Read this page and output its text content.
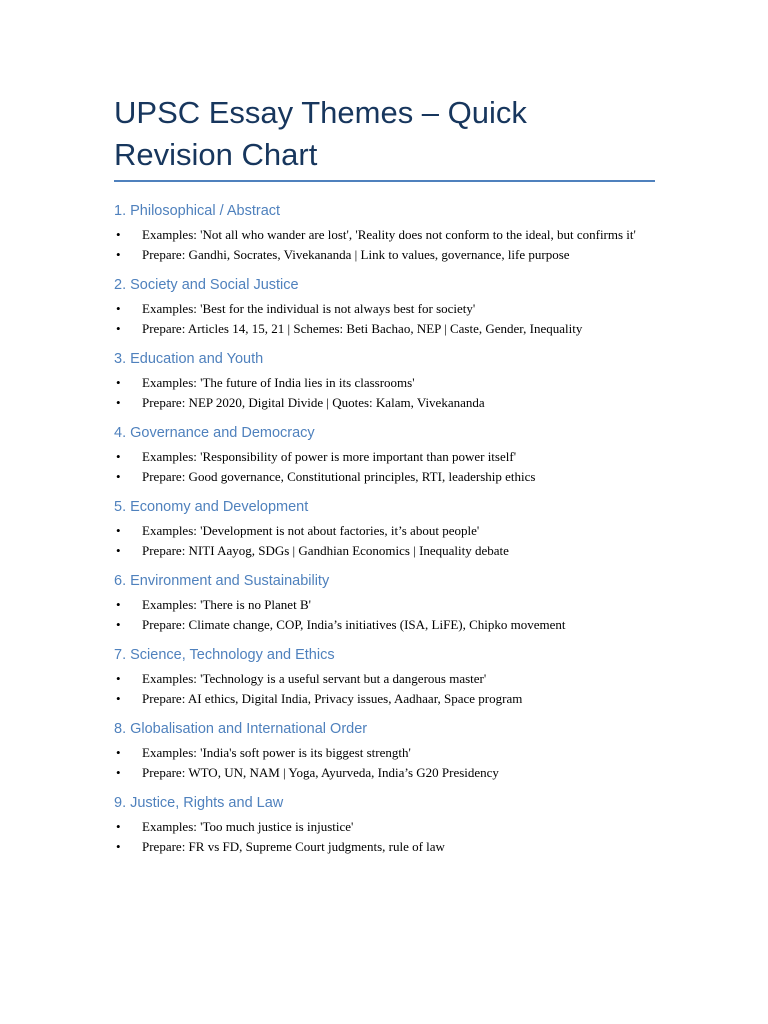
UPSC Essay Themes – Quick Revision Chart
1. Philosophical / Abstract
• Examples: 'Not all who wander are lost', 'Reality does not conform to the ideal, but confirms it'
• Prepare: Gandhi, Socrates, Vivekananda | Link to values, governance, life purpose
2. Society and Social Justice
• Examples: 'Best for the individual is not always best for society'
• Prepare: Articles 14, 15, 21 | Schemes: Beti Bachao, NEP | Caste, Gender, Inequality
3. Education and Youth
• Examples: 'The future of India lies in its classrooms'
• Prepare: NEP 2020, Digital Divide | Quotes: Kalam, Vivekananda
4. Governance and Democracy
• Examples: 'Responsibility of power is more important than power itself'
• Prepare: Good governance, Constitutional principles, RTI, leadership ethics
5. Economy and Development
• Examples: 'Development is not about factories, it’s about people'
• Prepare: NITI Aayog, SDGs | Gandhian Economics | Inequality debate
6. Environment and Sustainability
• Examples: 'There is no Planet B'
• Prepare: Climate change, COP, India’s initiatives (ISA, LiFE), Chipko movement
7. Science, Technology and Ethics
• Examples: 'Technology is a useful servant but a dangerous master'
• Prepare: AI ethics, Digital India, Privacy issues, Aadhaar, Space program
8. Globalisation and International Order
• Examples: 'India's soft power is its biggest strength'
• Prepare: WTO, UN, NAM | Yoga, Ayurveda, India’s G20 Presidency
9. Justice, Rights and Law
• Examples: 'Too much justice is injustice'
• Prepare: FR vs FD, Supreme Court judgments, rule of law
